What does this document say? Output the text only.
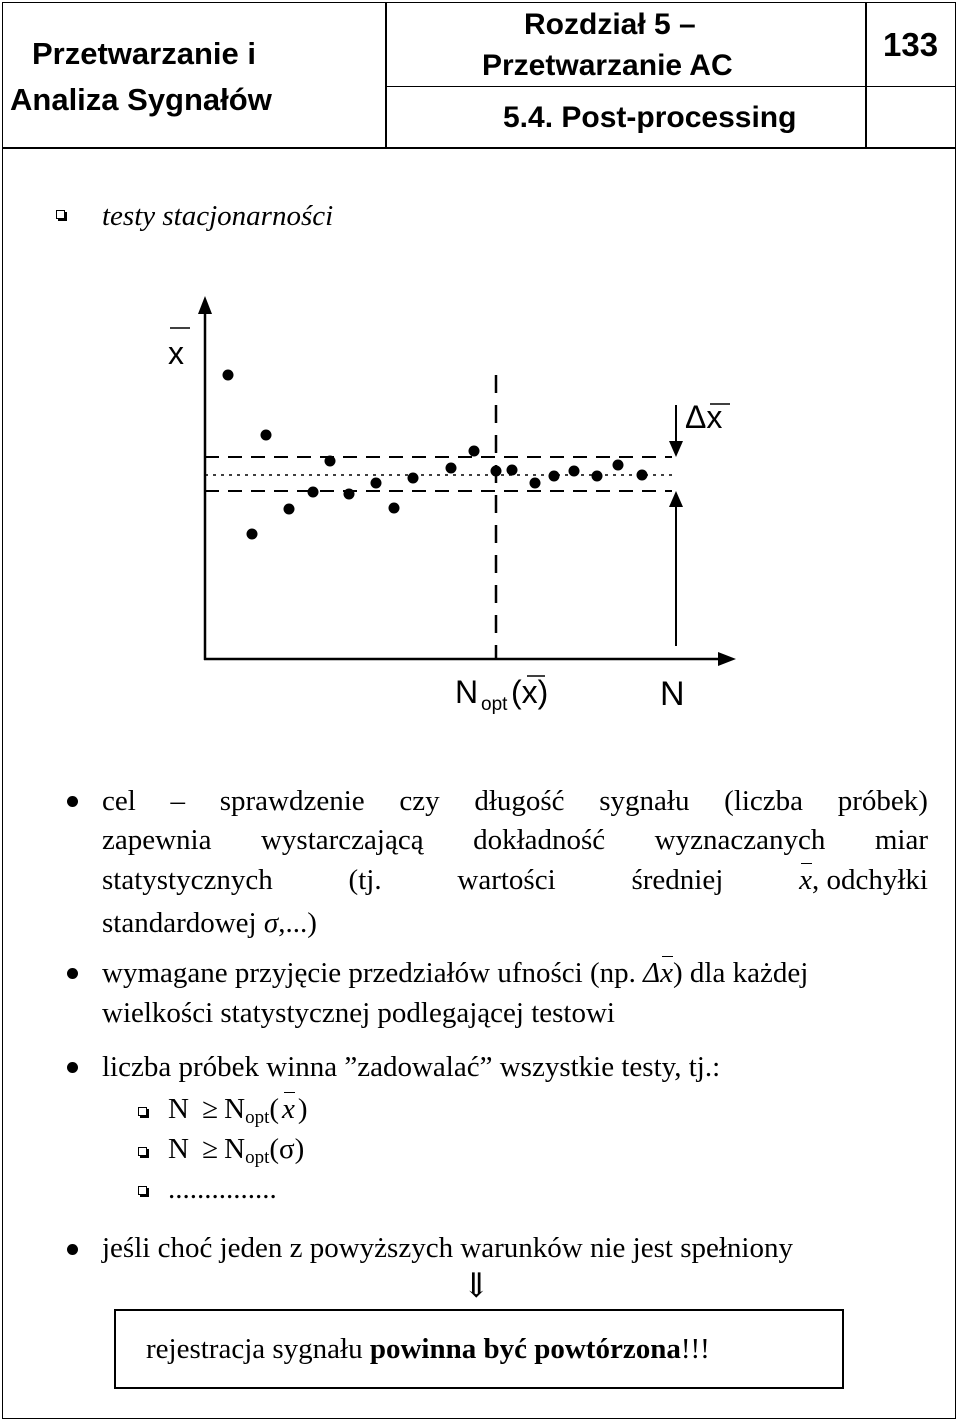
Przetwarzanie i
Analiza Sygnałów
Rozdział 5 –
Przetwarzanie AC
5.4. Post-processing
133
testy stacjonarności
x
Δx
N opt (x)	N
cel – sprawdzenie czy długość sygnału (liczba próbek)
zapewnia wystarczającą dokładność wyznaczanych miar
statystycznych	(tj.	wartości	średniej	x, odchyłki
standardowej σ,...)
wymagane przyjęcie przedziałów ufności (np. Δx) dla każdej
wielkości statystycznej podlegającej testowi
liczba próbek winna ”zadowalać” wszystkie testy, tj.:
$N \ge N_{opt}$( x )
$N \ge N_{opt}(\sigma)$
...............
jeśli choć jeden z powyższych warunków nie jest spełniony
⇓
rejestracja sygnału powinna być powtórzona!!!
